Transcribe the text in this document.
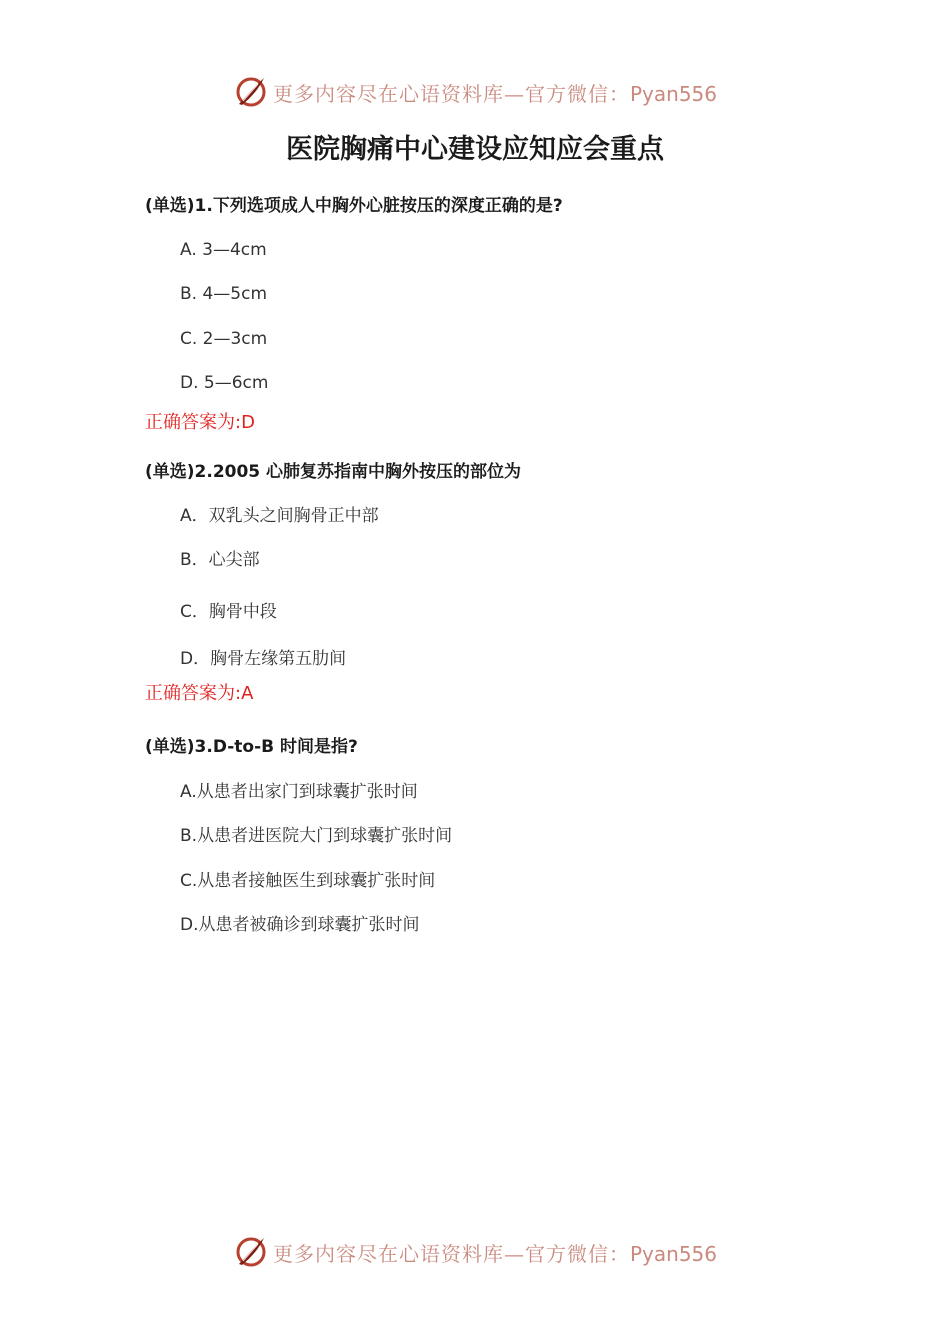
更多内容尽在心语资料库—官方微信：Pyan556
医院胸痛中心建设应知应会重点
(单选)1.下列选项成人中胸外心脏按压的深度正确的是?
A. 3—4cm
B. 4—5cm
C. 2—3cm
D. 5—6cm
正确答案为:D
(单选)2.2005 心肺复苏指南中胸外按压的部位为
A．双乳头之间胸骨正中部
B．心尖部
C．胸骨中段
D．胸骨左缘第五肋间
正确答案为:A
(单选)3.D-to-B 时间是指?
A.从患者出家门到球囊扩张时间
B.从患者进医院大门到球囊扩张时间
C.从患者接触医生到球囊扩张时间
D.从患者被确诊到球囊扩张时间
更多内容尽在心语资料库—官方微信：Pyan556
